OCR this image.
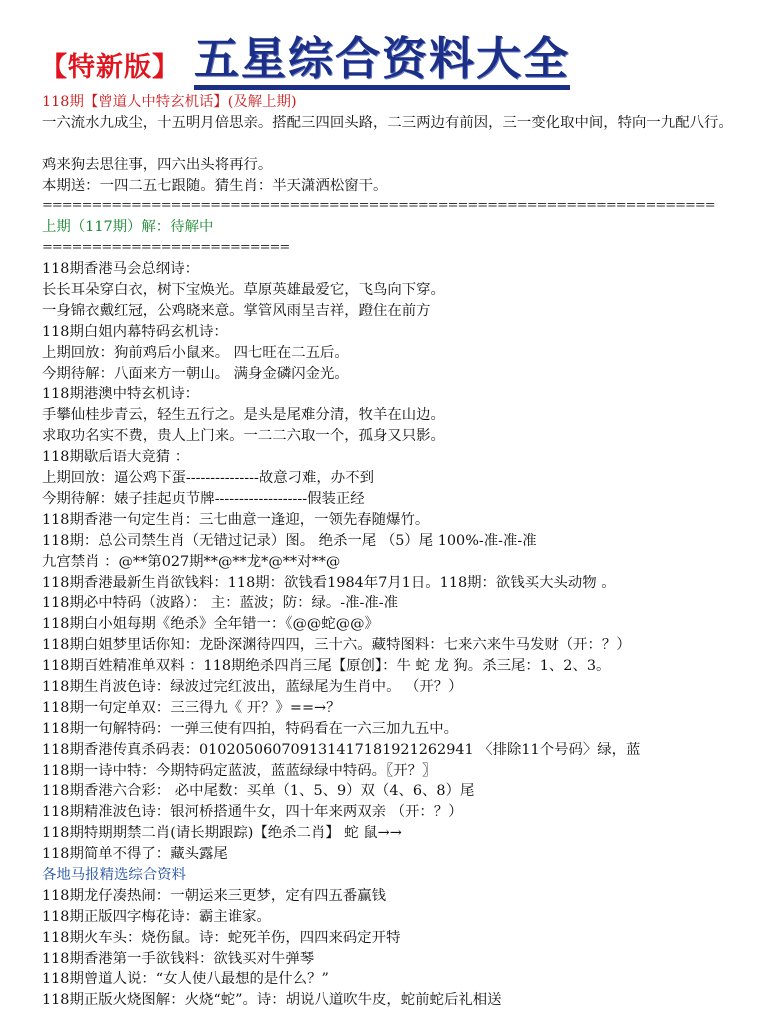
【特新版】 五星综合资料大全
118期【曾道人中特玄机话】(及解上期)
一六流水九成尘，十五明月倍思亲。搭配三四回头路，二三两边有前因，三一变化取中间，特向一九配八行。
鸡来狗去思往事，四六出头将再行。
本期送：一四二五七跟随。猜生肖：半天潇洒松窗干。
====================================================================
上期（117期）解：待解中
=========================
118期香港马会总纲诗：
长长耳朵穿白衣，树下宝焕光。草原英雄最爱它，飞鸟向下穿。
一身锦衣戴红冠，公鸡晓来意。掌管风雨呈吉祥，蹬住在前方
118期白姐内幕特码玄机诗：
上期回放：狗前鸡后小鼠来。 四七旺在二五后。
今期待解：八面来方一朝山。 满身金磷闪金光。
118期港澳中特玄机诗：
手攀仙桂步青云，轻生五行之。是头是尾难分清，牧羊在山边。
求取功名实不费，贵人上门来。一二二六取一个，孤身又只影。
118期歇后语大竞猜 ：
上期回放：逼公鸡下蛋---------------故意刁难，办不到
今期待解：婊子挂起贞节牌-------------------假装正经
118期香港一句定生肖：三七曲意一逢迎，一领先春随爆竹。
118期：总公司禁生肖（无错过记录）图。 绝杀一尾 （5）尾 100%-准-准-准
九宫禁肖 ：@**第027期**@**龙*@**对**@
118期香港最新生肖欲钱料：118期：欲钱看1984年7月1日。118期：欲钱买大头动物 。
118期必中特码（波路）： 主：蓝波；防：绿。-准-准-准
118期白小姐每期《绝杀》全年错一：《@@蛇@@》
118期白姐梦里话你知：龙卧深渊待四四，三十六。藏特图料：七来六来牛马发财（开：？）
118期百姓精准单双料 ：118期绝杀四肖三尾【原创】：牛 蛇 龙 狗。杀三尾：1、2、3。
118期生肖波色诗：绿波过完红波出，蓝绿尾为生肖中。 （开？）
118期一句定单双：三三得九《 开？》==→？
118期一句解特码：一弹三使有四拍，特码看在一六三加九五中。
118期香港传真杀码表：010205060709131417181921262941 〈排除11个号码〉绿，蓝
118期一诗中特：今期特码定蓝波，蓝蓝绿绿中特码。〖开？〗
118期香港六合彩： 必中尾数：买单（1、5、9）双（4、6、8）尾
118期精准波色诗：银河桥搭通牛女，四十年来两双亲 （开：？）
118期特期期禁二肖(请长期跟踪)【绝杀二肖】 蛇 鼠→→
118期简单不得了：藏头露尾
各地马报精选综合资料
118期龙仔凑热闹：一朝运来三更梦，定有四五番赢钱
118期正版四字梅花诗：霸主谁家。
118期火车头：烧伤鼠。诗：蛇死羊伤，四四来码定开特
118期香港第一手欲钱料：欲钱买对牛弹琴
118期曾道人说：“女人使八最想的是什么？”
118期正版火烧图解：火烧“蛇”。诗：胡说八道吹牛皮，蛇前蛇后礼相送
